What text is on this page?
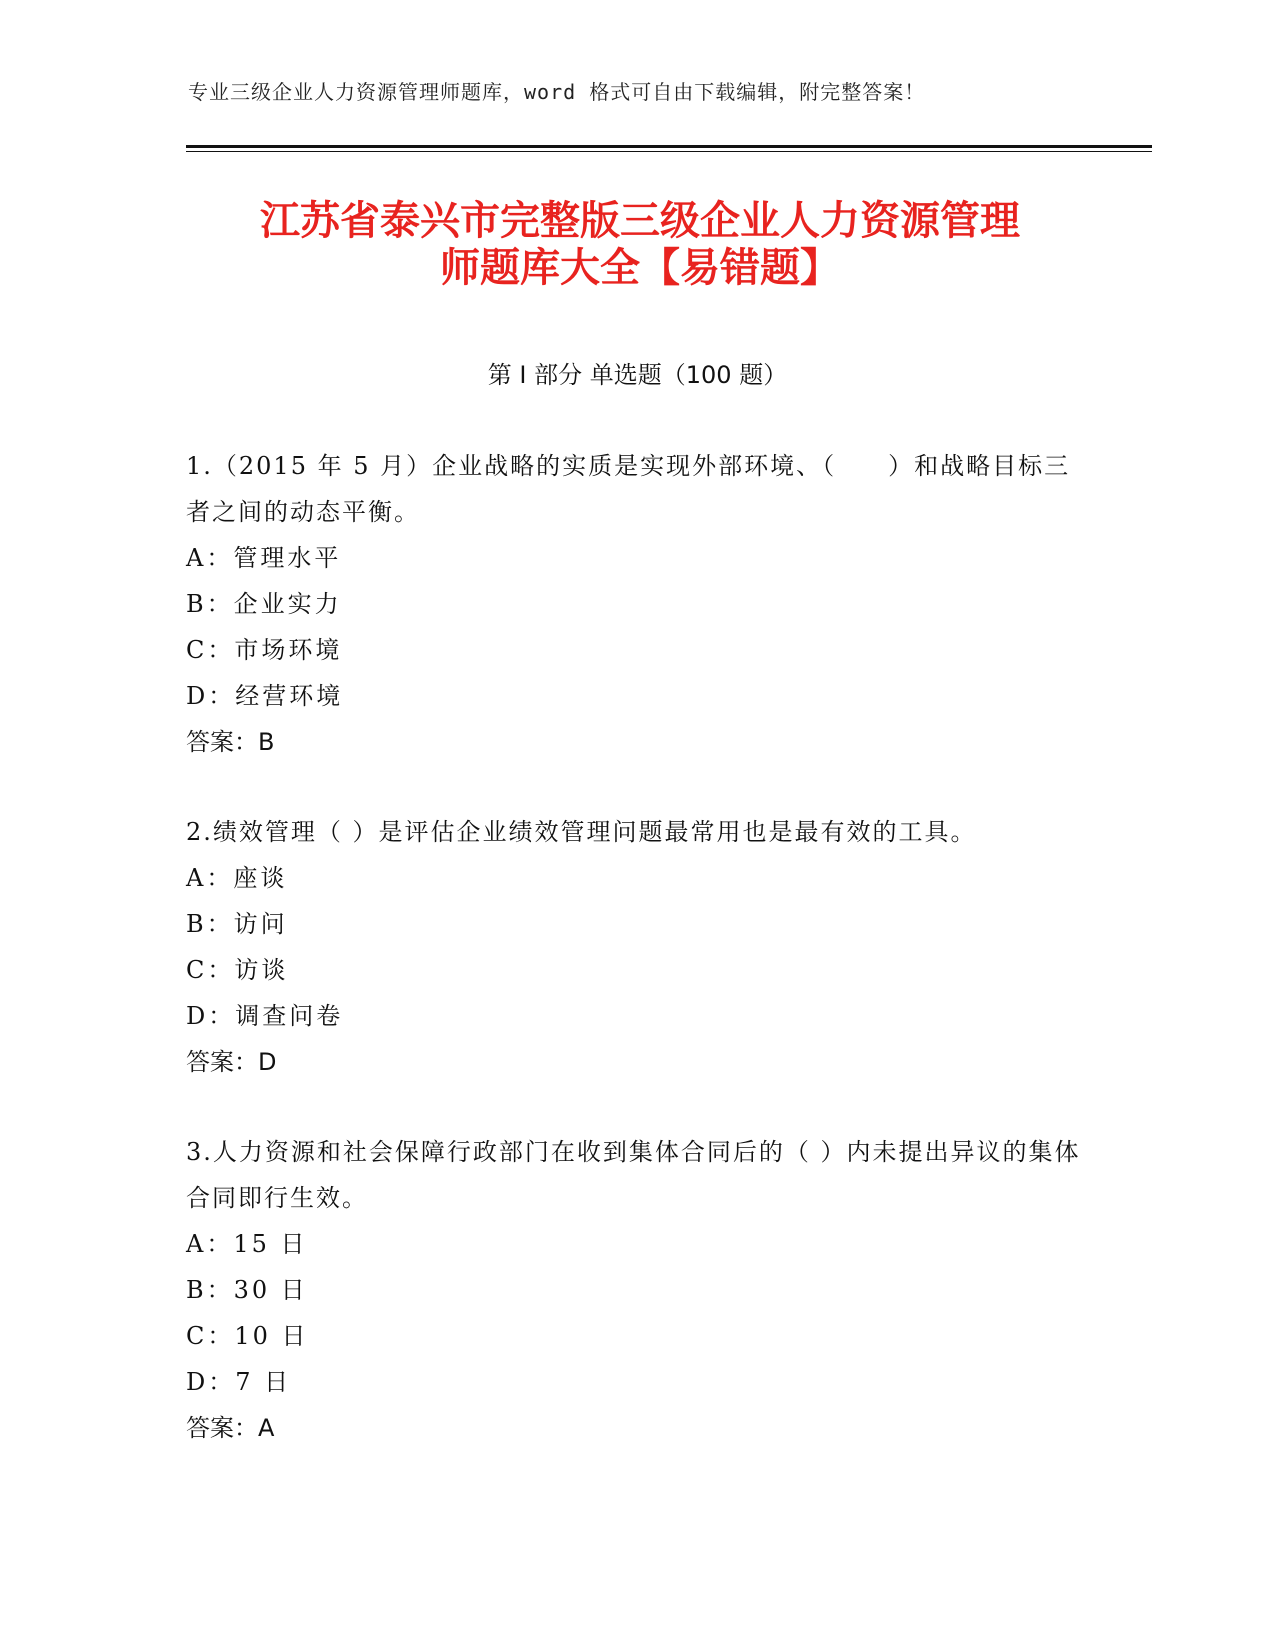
专业三级企业人力资源管理师题库，word 格式可自由下载编辑，附完整答案！
江苏省泰兴市完整版三级企业人力资源管理
师题库大全【易错题】
第 I 部分 单选题（100 题）
1.（2015 年 5 月）企业战略的实质是实现外部环境、（　　）和战略目标三者之间的动态平衡。
A：管理水平
B：企业实力
C：市场环境
D：经营环境
答案：B
2.绩效管理（ ）是评估企业绩效管理问题最常用也是最有效的工具。
A：座谈
B：访问
C：访谈
D：调查问卷
答案：D
3.人力资源和社会保障行政部门在收到集体合同后的（ ）内未提出异议的集体合同即行生效。
A：15 日
B：30 日
C：10 日
D：7 日
答案：A
